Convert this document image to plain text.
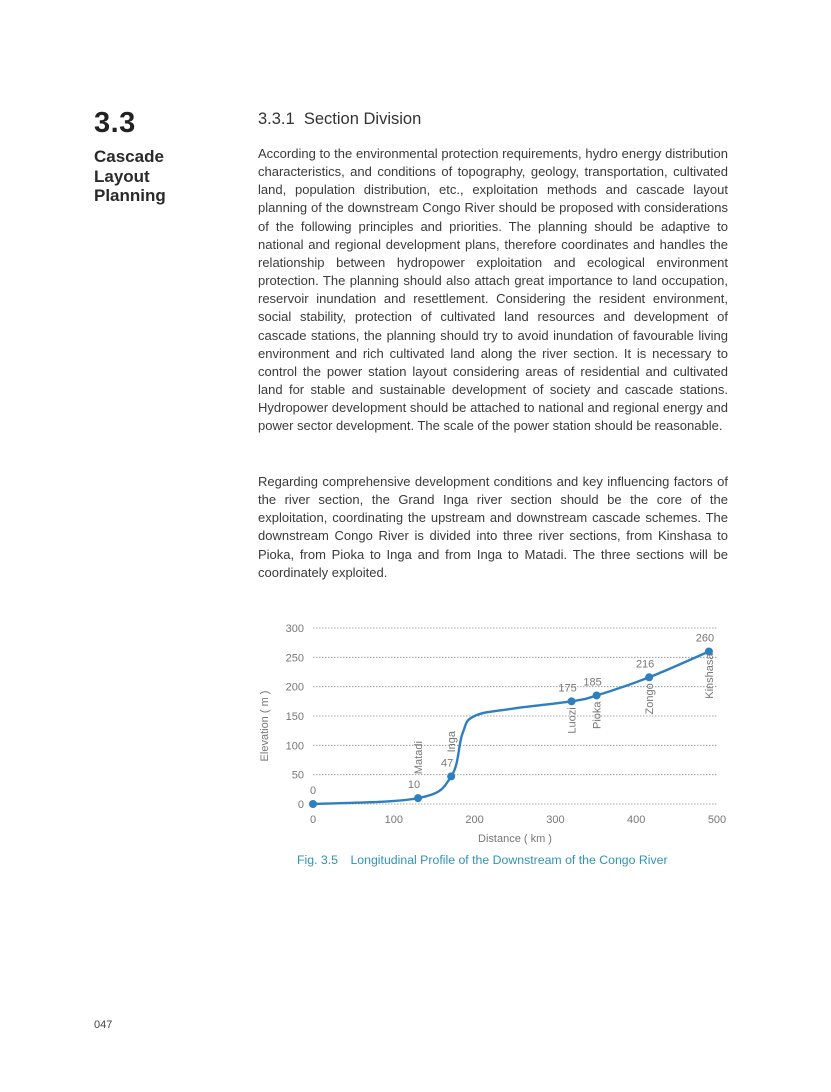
3.3
Cascade Layout Planning
3.3.1  Section Division

According to the environmental protection requirements, hydro energy distribution characteristics, and conditions of topography, geology, transportation, cultivated land, population distribution, etc., exploitation methods and cascade layout planning of the downstream Congo River should be proposed with considerations of the following principles and priorities. The planning should be adaptive to national and regional development plans, therefore coordinates and handles the relationship between hydropower exploitation and ecological environment protection. The planning should also attach great importance to land occupation, reservoir inundation and resettlement. Considering the resident environment, social stability, protection of cultivated land resources and development of cascade stations, the planning should try to avoid inundation of favourable living environment and rich cultivated land along the river section. It is necessary to control the power station layout considering areas of residential and cultivated land for stable and sustainable development of society and cascade stations. Hydropower development should be attached to national and regional energy and power sector development. The scale of the power station should be reasonable.

Regarding comprehensive development conditions and key influencing factors of the river section, the Grand Inga river section should be the core of the exploitation, coordinating the upstream and downstream cascade schemes. The downstream Congo River is divided into three river sections, from Kinshasa to Pioka, from Pioka to Inga and from Inga to Matadi. The three sections will be coordinately exploited.

0
50
100
150
200
250
300
0	100	200	300	400	500
Distance ( km )
Elevation ( m )
0	10
Matadi 47
Inga
175
Luozi
185
Pioka
216
Zongo
260
Kinshasa
Fig. 3.5 Longitudinal Profile of the Downstream of the Congo River
047
